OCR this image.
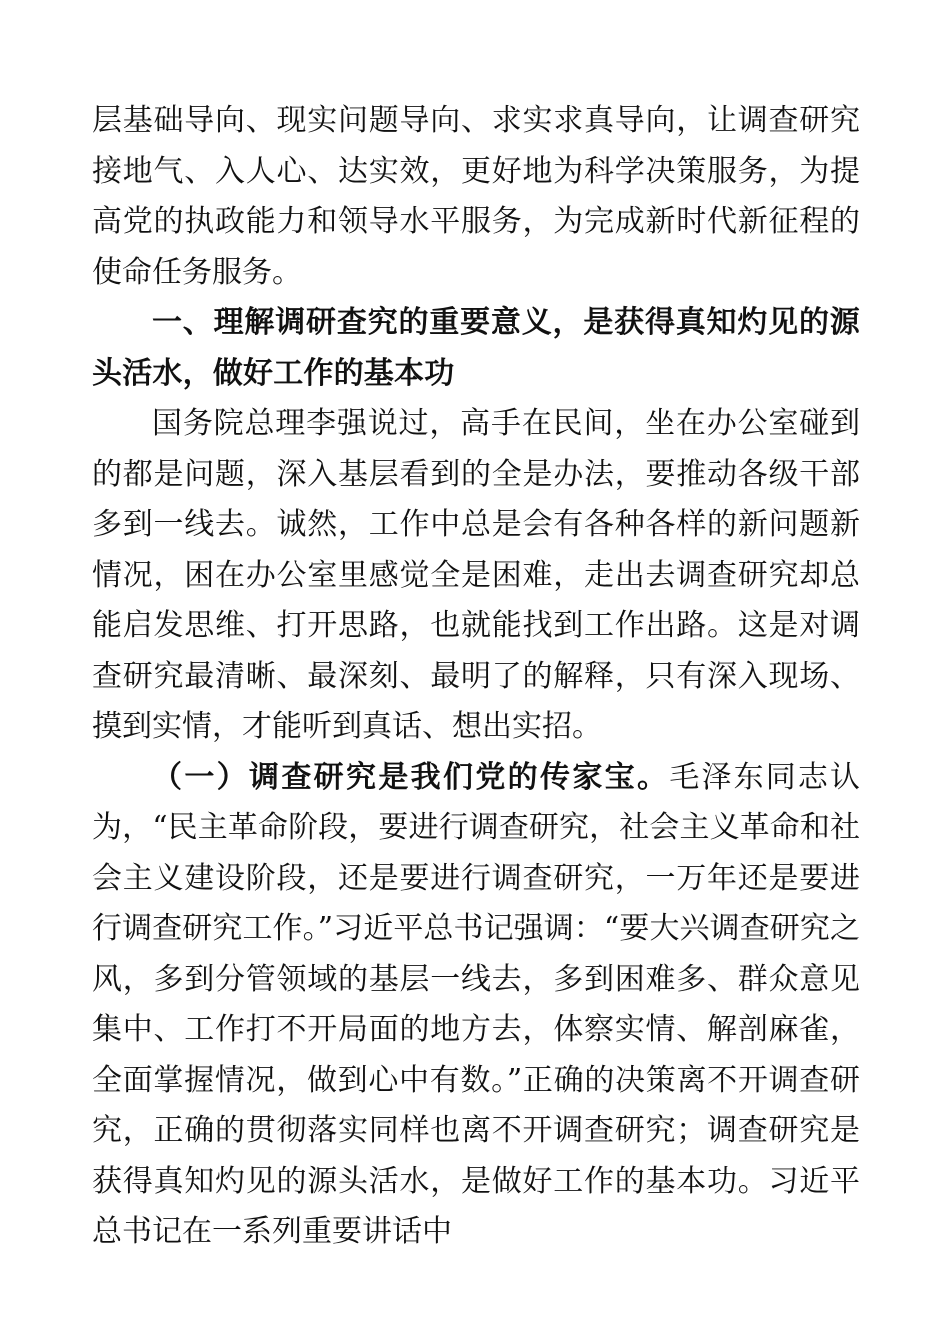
层基础导向、现实问题导向、求实求真导向，让调查研究接地气、入人心、达实效，更好地为科学决策服务，为提高党的执政能力和领导水平服务，为完成新时代新征程的使命任务服务。

一、理解调研查究的重要意义，是获得真知灼见的源头活水，做好工作的基本功

国务院总理李强说过，高手在民间，坐在办公室碰到的都是问题，深入基层看到的全是办法，要推动各级干部多到一线去。诚然，工作中总是会有各种各样的新问题新情况，困在办公室里感觉全是困难，走出去调查研究却总能启发思维、打开思路，也就能找到工作出路。这是对调查研究最清晰、最深刻、最明了的解释，只有深入现场、摸到实情，才能听到真话、想出实招。

（一）调查研究是我们党的传家宝。毛泽东同志认为，“民主革命阶段，要进行调查研究，社会主义革命和社会主义建设阶段，还是要进行调查研究，一万年还是要进行调查研究工作。”习近平总书记强调：“要大兴调查研究之风，多到分管领域的基层一线去，多到困难多、群众意见集中、工作打不开局面的地方去，体察实情、解剖麻雀，全面掌握情况，做到心中有数。”正确的决策离不开调查研究，正确的贯彻落实同样也离不开调查研究；调查研究是获得真知灼见的源头活水，是做好工作的基本功。习近平总书记在一系列重要讲话中
